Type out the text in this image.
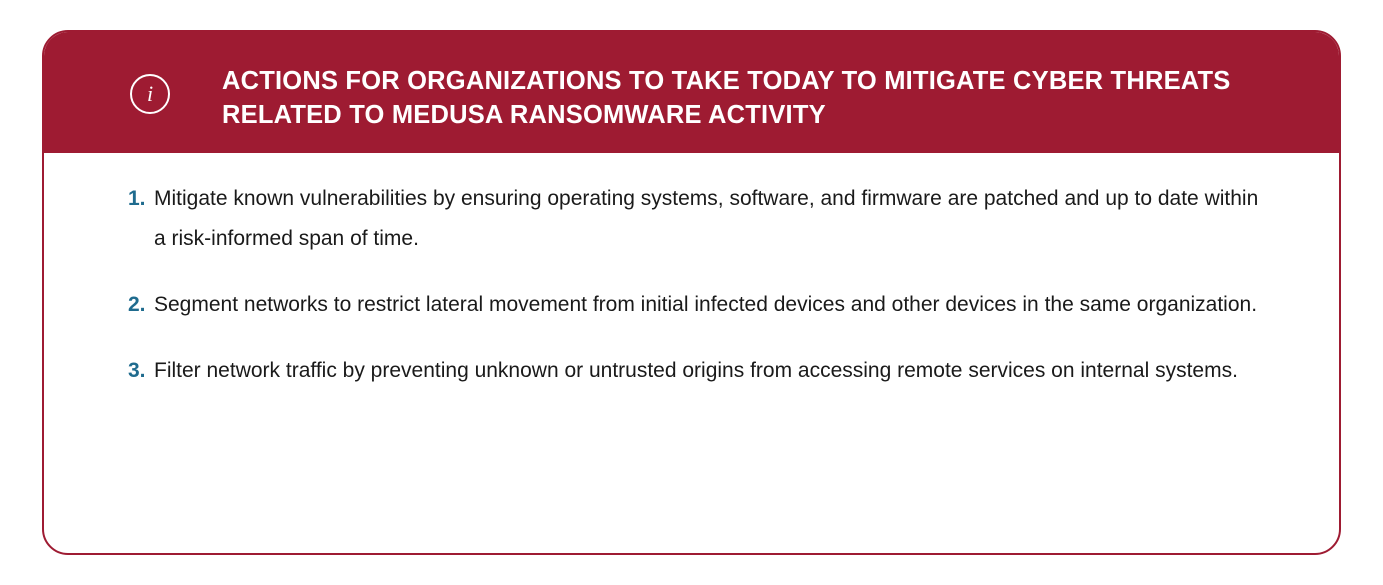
i	ACTIONS FOR ORGANIZATIONS TO TAKE TODAY TO MITIGATE CYBER THREATS RELATED TO MEDUSA RANSOMWARE ACTIVITY
1. Mitigate known vulnerabilities by ensuring operating systems, software, and firmware are patched and up to date within a risk-informed span of time.
2. Segment networks to restrict lateral movement from initial infected devices and other devices in the same organization.
3. Filter network traffic by preventing unknown or untrusted origins from accessing remote services on internal systems.
